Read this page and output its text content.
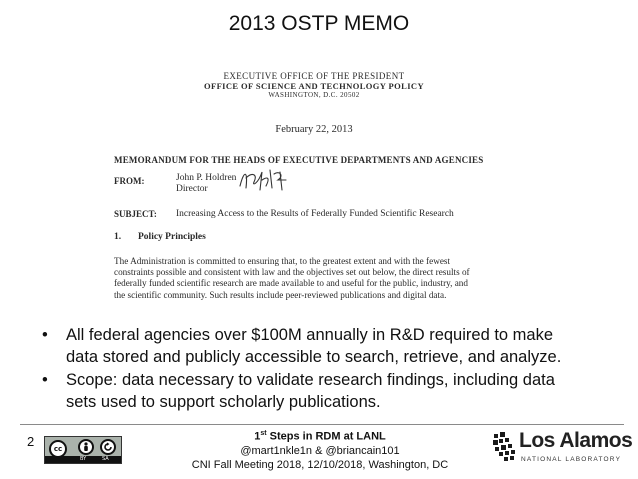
2013 OSTP MEMO
EXECUTIVE OFFICE OF THE PRESIDENT
OFFICE OF SCIENCE AND TECHNOLOGY POLICY
WASHINGTON, D.C. 20502
February 22, 2013
MEMORANDUM FOR THE HEADS OF EXECUTIVE DEPARTMENTS AND AGENCIES
FROM:	John P. Holdren
Director
SUBJECT: Increasing Access to the Results of Federally Funded Scientific Research
1. Policy Principles
The Administration is committed to ensuring that, to the greatest extent and with the fewest
constraints possible and consistent with law and the objectives set out below, the direct results of
federally funded scientific research are made available to and useful for the public, industry, and
the scientific community. Such results include peer-reviewed publications and digital data.
• All federal agencies over $100M annually in R&D required to make
data stored and publicly accessible to search, retrieve, and analyze.
• Scope: data necessary to validate research findings, including data
sets used to support scholarly publications.
2	cc
BY	SA
1st Steps in RDM at LANL
@mart1nkle1n & @briancain101
CNI Fall Meeting 2018, 12/10/2018, Washington, DC
Los Alamos
NATIONAL LABORATORY
